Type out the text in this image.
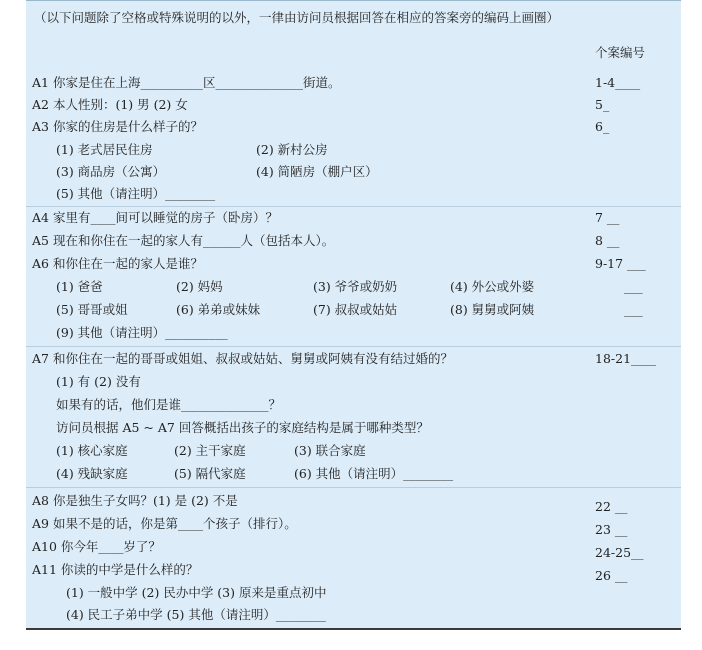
（以下问题除了空格或特殊说明的以外，一律由访问员根据回答在相应的答案旁的编码上画圈）
个案编号
A1 你家是住在上海__________区______________街道。	1-4____
A2 本人性别：(1) 男 (2) 女	5_
A3 你家的住房是什么样子的？	6_
(1) 老式居民住房	(2) 新村公房
(3) 商品房（公寓）	(4) 简陋房（棚户区）
(5) 其他（请注明）________
A4 家里有____间可以睡觉的房子（卧房）？	7 __
A5 现在和你住在一起的家人有______人（包括本人）。	8 __
A6 和你住在一起的家人是谁？	9-17 ___
(1) 爸爸	(2) 妈妈	(3) 爷爷或奶奶	(4) 外公或外婆	___
(5) 哥哥或姐	(6) 弟弟或妹妹	(7) 叔叔或姑姑	(8) 舅舅或阿姨	___
(9) 其他（请注明）__________
A7 和你住在一起的哥哥或姐姐、叔叔或姑姑、舅舅或阿姨有没有结过婚的？	18-21____
(1) 有 (2) 没有
如果有的话，他们是谁______________？
访问员根据 A5 ~ A7 回答概括出孩子的家庭结构是属于哪种类型？
(1) 核心家庭	(2) 主干家庭	(3) 联合家庭
(4) 残缺家庭	(5) 隔代家庭	(6) 其他（请注明）________
A8 你是独生子女吗？(1) 是 (2) 不是	22 __
A9 如果不是的话，你是第____个孩子（排行）。	23 __
A10 你今年____岁了？	24-25__
A11 你读的中学是什么样的？	26 __
(1) 一般中学 (2) 民办中学 (3) 原来是重点初中
(4) 民工子弟中学 (5) 其他（请注明）________
